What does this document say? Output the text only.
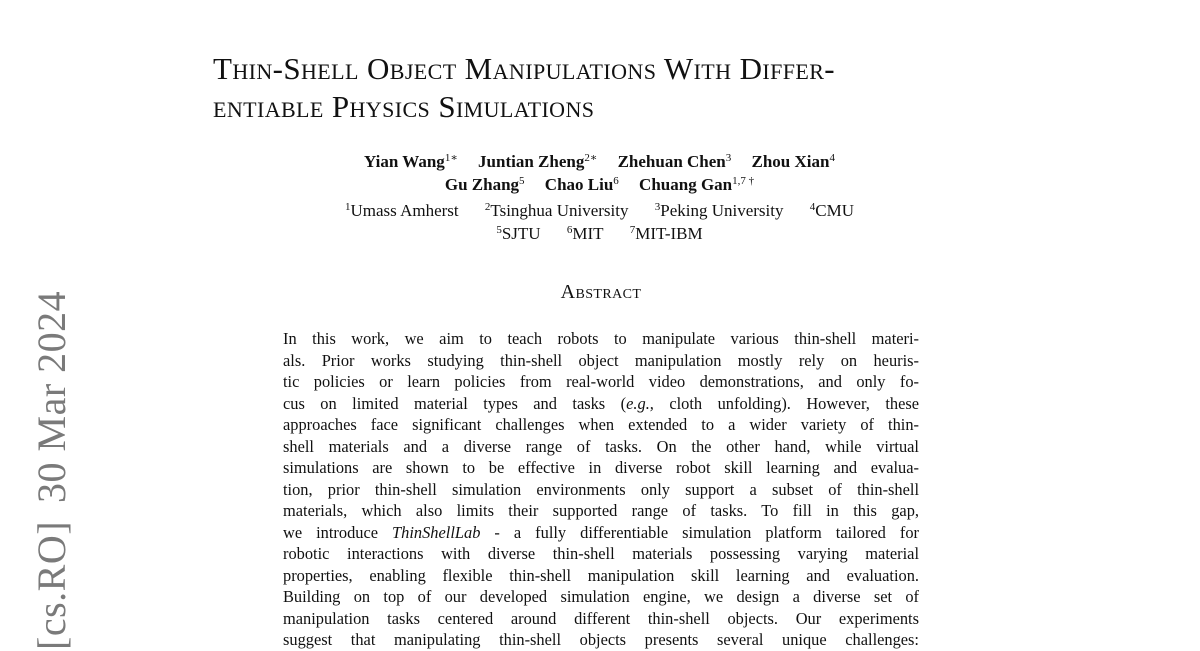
[cs.RO]30 Mar 2024
Thin-Shell Object Manipulations With Differ-
entiable Physics Simulations
Yian Wang$^{1∗}$ Juntian Zheng$^{2∗}$ Zhehuan Chen$^3$ Zhou Xian$^4$
Gu Zhang$^5$ Chao Liu$^6$ Chuang Gan$^{1,7 \dagger}$
$^1$Umass Amherst $^2$Tsinghua University $^3$Peking University $^4$CMU
$^5$SJTU $^6$MIT $^7$MIT-IBM
Abstract
In this work, we aim to teach robots to manipulate various thin-shell materi-
als. Prior works studying thin-shell object manipulation mostly rely on heuris-
tic policies or learn policies from real-world video demonstrations, and only fo-
cus on limited material types and tasks (e.g., cloth unfolding). However, these
approaches face significant challenges when extended to a wider variety of thin-
shell materials and a diverse range of tasks. On the other hand, while virtual
simulations are shown to be effective in diverse robot skill learning and evalua-
tion, prior thin-shell simulation environments only support a subset of thin-shell
materials, which also limits their supported range of tasks. To fill in this gap,
we introduce ThinShellLab - a fully differentiable simulation platform tailored for
robotic interactions with diverse thin-shell materials possessing varying material
properties, enabling flexible thin-shell manipulation skill learning and evaluation.
Building on top of our developed simulation engine, we design a diverse set of
manipulation tasks centered around different thin-shell objects. Our experiments
suggest that manipulating thin-shell objects presents several unique challenges:
